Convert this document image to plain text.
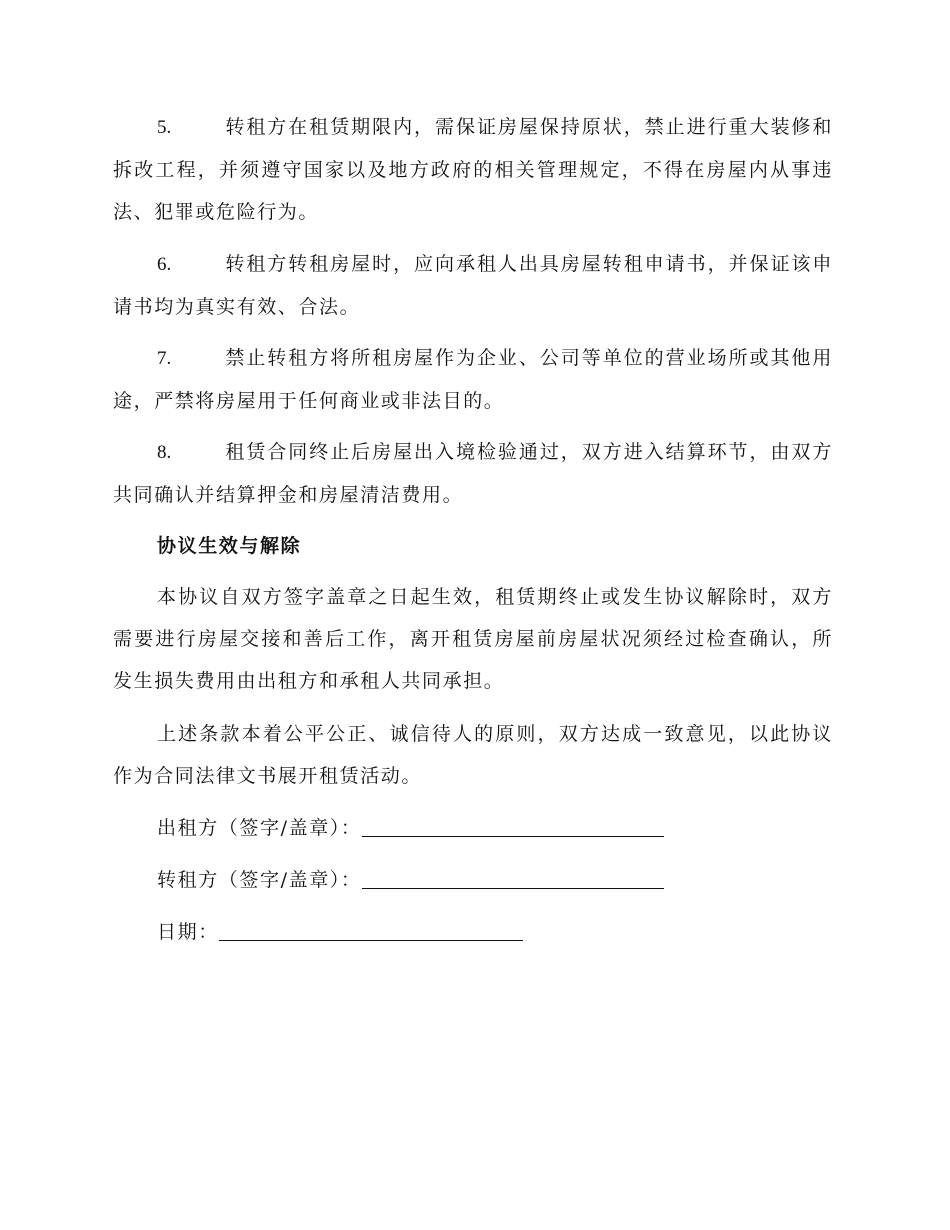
5.	转租方在租赁期限内，需保证房屋保持原状，禁止进行重大装修和拆改工程，并须遵守国家以及地方政府的相关管理规定，不得在房屋内从事违法、犯罪或危险行为。

6.	转租方转租房屋时，应向承租人出具房屋转租申请书，并保证该申请书均为真实有效、合法。

7.	禁止转租方将所租房屋作为企业、公司等单位的营业场所或其他用途，严禁将房屋用于任何商业或非法目的。

8.	租赁合同终止后房屋出入境检验通过，双方进入结算环节，由双方共同确认并结算押金和房屋清洁费用。

协议生效与解除

本协议自双方签字盖章之日起生效，租赁期终止或发生协议解除时，双方需要进行房屋交接和善后工作，离开租赁房屋前房屋状况须经过检查确认，所发生损失费用由出租方和承租人共同承担。

上述条款本着公平公正、诚信待人的原则，双方达成一致意见，以此协议作为合同法律文书展开租赁活动。

出租方（签字/盖章）：
转租方（签字/盖章）：
日期：
